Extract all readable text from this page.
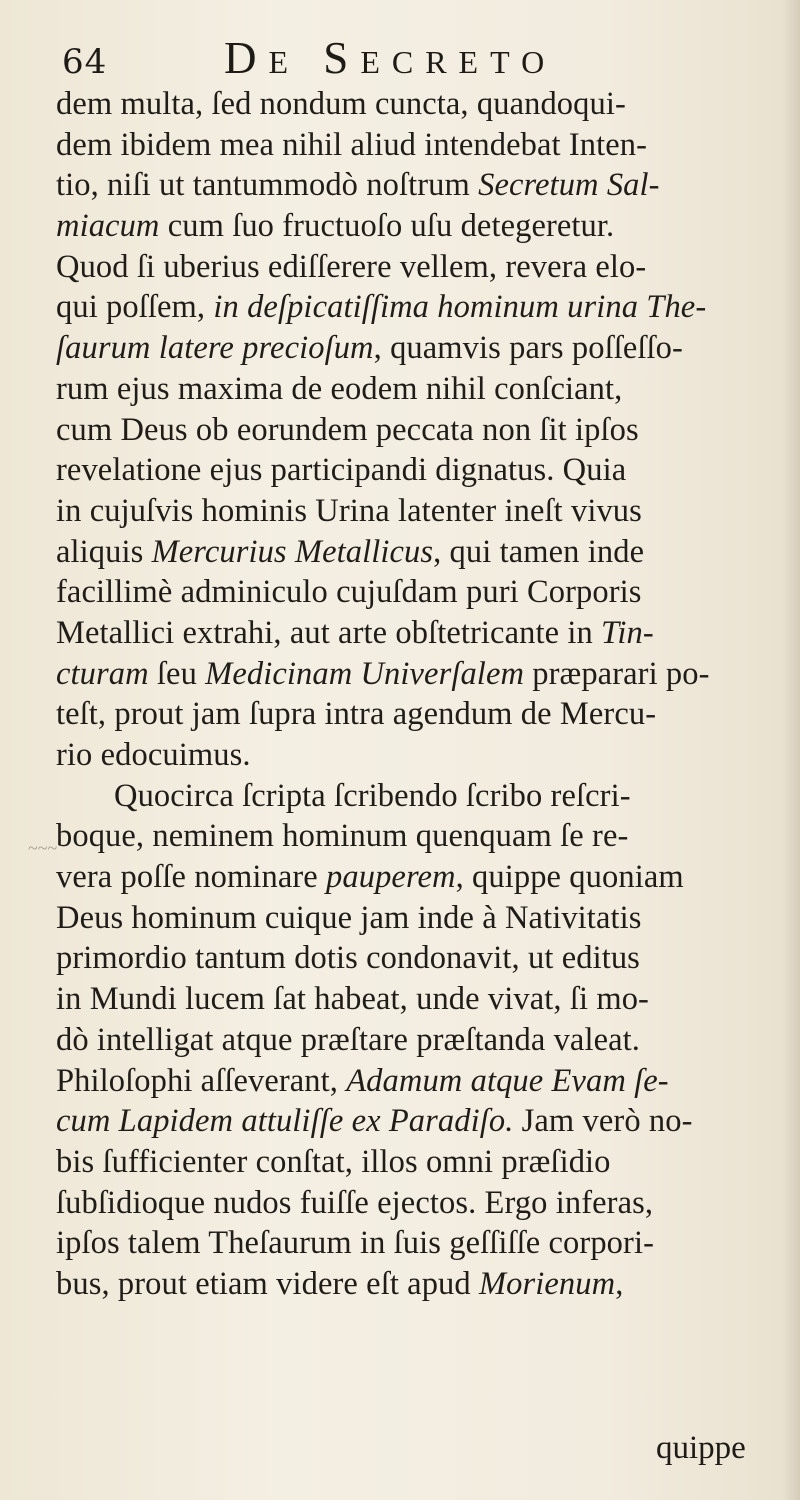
64	De Secreto
~~~
dem multa, ſed nondum cuncta, quandoqui-
dem ibidem mea nihil aliud intendebat Inten-
tio, niſi ut tantummodò noſtrum Secretum Sal-
miacum cum ſuo fructuoſo uſu detegeretur.
Quod ſi uberius ediſſerere vellem, revera elo-
qui poſſem, in deſpicatiſſima hominum urina The-
ſaurum latere precioſum, quamvis pars poſſeſſo-
rum ejus maxima de eodem nihil conſciant,
cum Deus ob eorundem peccata non ſit ipſos
revelatione ejus participandi dignatus. Quia
in cujuſvis hominis Urina latenter ineſt vivus
aliquis Mercurius Metallicus, qui tamen inde
facillimè adminiculo cujuſdam puri Corporis
Metallici extrahi, aut arte obſtetricante in Tin-
cturam ſeu Medicinam Univerſalem præparari po-
teſt, prout jam ſupra intra agendum de Mercu-
rio edocuimus.
Quocirca ſcripta ſcribendo ſcribo reſcri-
boque, neminem hominum quenquam ſe re-
vera poſſe nominare pauperem, quippe quoniam
Deus hominum cuique jam inde à Nativitatis
primordio tantum dotis condonavit, ut editus
in Mundi lucem ſat habeat, unde vivat, ſi mo-
dò intelligat atque præſtare præſtanda valeat.
Philoſophi aſſeverant, Adamum atque Evam ſe-
cum Lapidem attuliſſe ex Paradiſo. Jam verò no-
bis ſufficienter conſtat, illos omni præſidio
ſubſidioque nudos fuiſſe ejectos. Ergo inferas,
ipſos talem Theſaurum in ſuis geſſiſſe corpori-
bus, prout etiam videre eſt apud Morienum,
quippe
